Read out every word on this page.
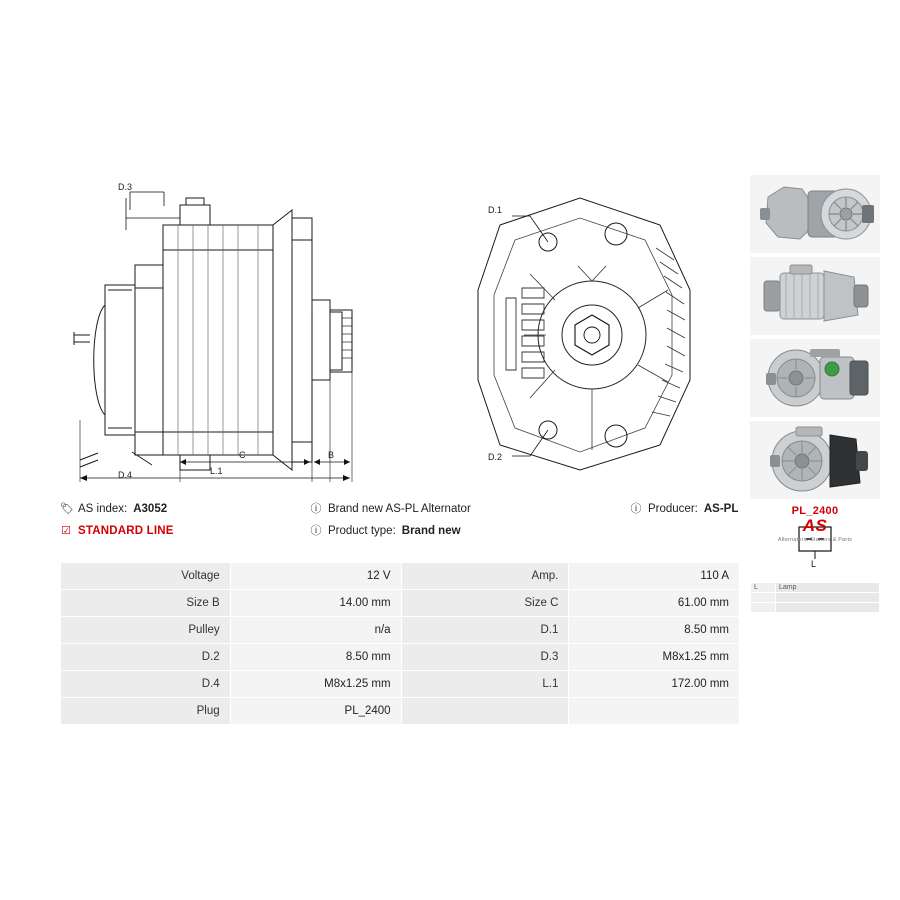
D.3
D.4
C	B
L.1
D.1
D.2
PL_2400
L
L	Lamp

AS
Alternators, Starters & Parts
🏷 AS index: A3052	ⓘ Brand new AS-PL Alternator	ⓘ Producer: AS-PL
☑ STANDARD LINE	ⓘ Product type: Brand new
Voltage	12 V	Amp.	110 A
Size B	14.00 mm	Size C	61.00 mm
Pulley	n/a	D.1	8.50 mm
D.2	8.50 mm	D.3	M8x1.25 mm
D.4	M8x1.25 mm	L.1	172.00 mm
Plug	PL_2400		
